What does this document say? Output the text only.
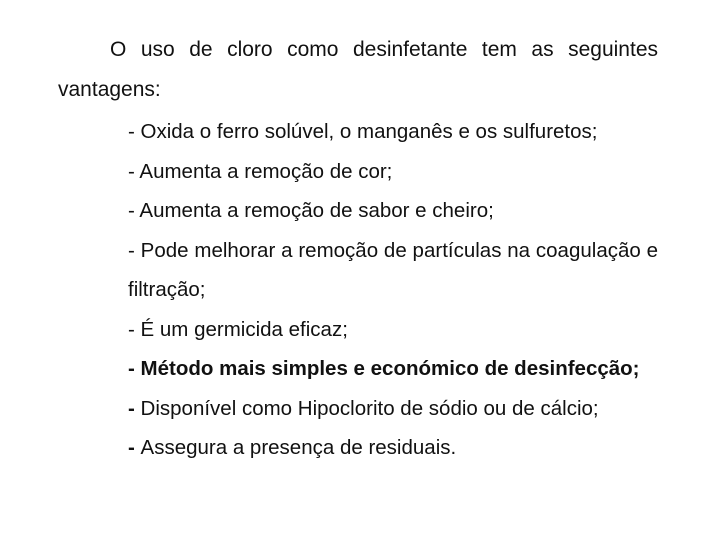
O uso de cloro como desinfetante tem as seguintes vantagens:

- Oxida o ferro solúvel, o manganês e os sulfuretos;
- Aumenta a remoção de cor;
- Aumenta a remoção de sabor e cheiro;
- Pode melhorar a remoção de partículas na coagulação e filtração;
- É um germicida eficaz;
- Método mais simples e económico de desinfecção;
- Disponível como Hipoclorito de sódio ou de cálcio;
- Assegura a presença de residuais.
